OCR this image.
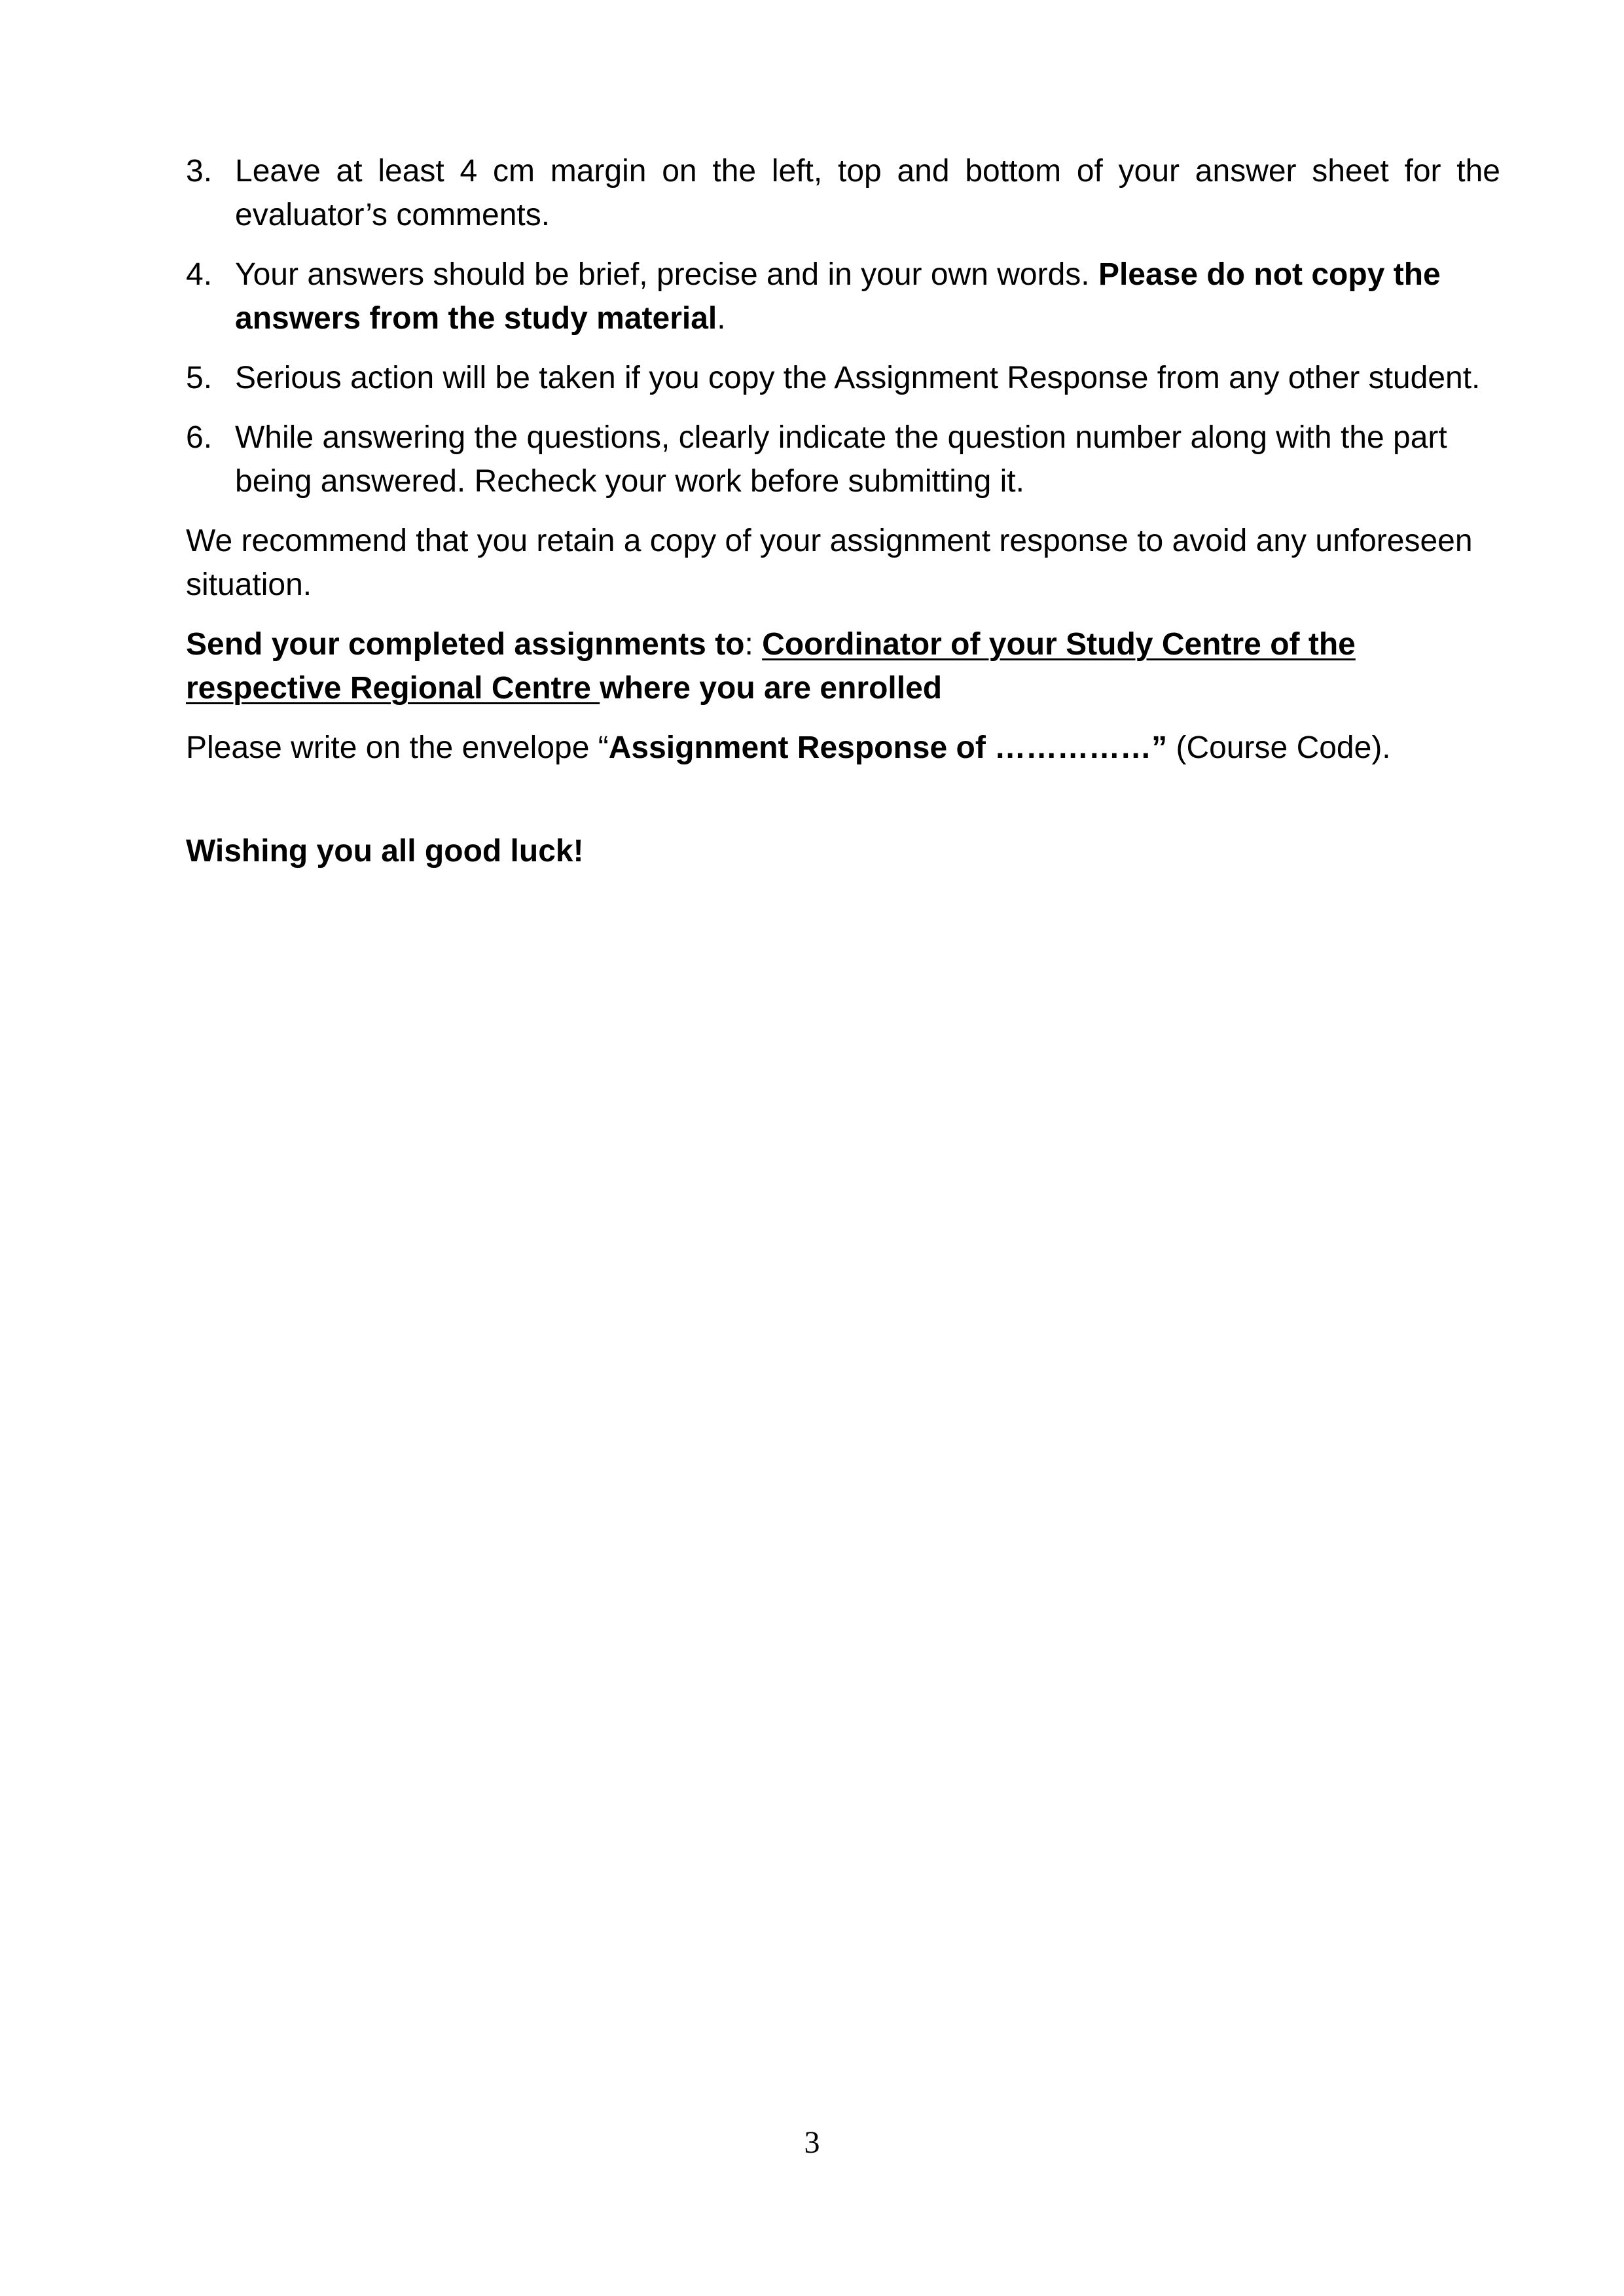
3. Leave at least 4 cm margin on the left, top and bottom of your answer sheet for the evaluator’s comments.
4. Your answers should be brief, precise and in your own words. Please do not copy the answers from the study material.
5. Serious action will be taken if you copy the Assignment Response from any other student.
6. While answering the questions, clearly indicate the question number along with the part being answered. Recheck your work before submitting it.
We recommend that you retain a copy of your assignment response to avoid any unforeseen situation.
Send your completed assignments to: Coordinator of your Study Centre of the respective Regional Centre where you are enrolled
Please write on the envelope “Assignment Response of ……………” (Course Code).
Wishing you all good luck!
3
